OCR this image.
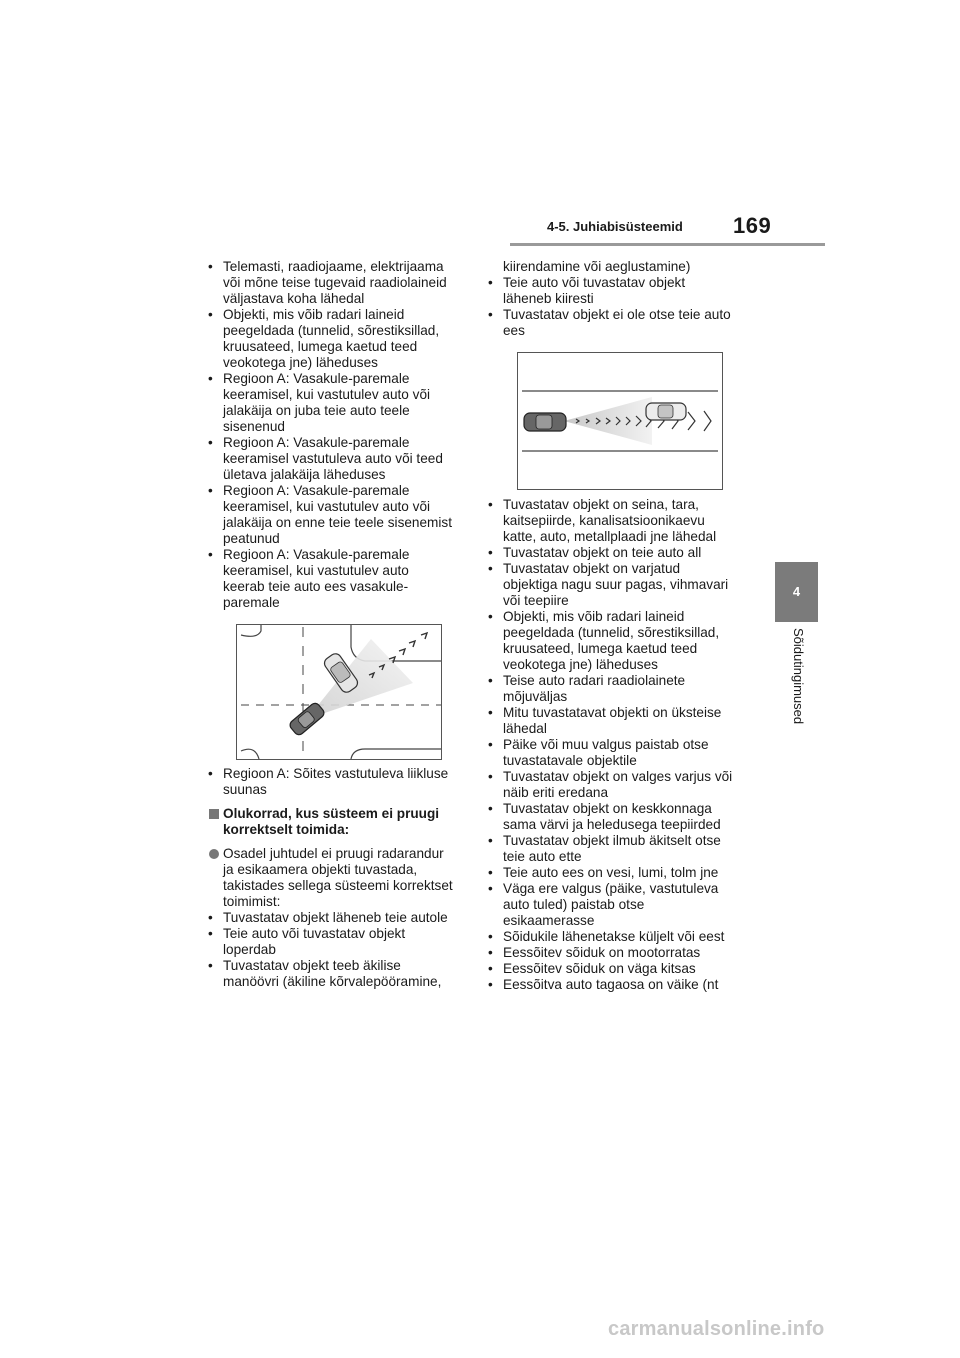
4-5. Juhiabisüsteemid 169
4
Sõidutingimused
• Telemasti, raadiojaame, elektrijaama
või mõne teise tugevaid raadiolaineid
väljastava koha lähedal
• Objekti, mis võib radari laineid
peegeldada (tunnelid, sõrestiksillad,
kruusateed, lumega kaetud teed
veokotega jne) läheduses
• Regioon A: Vasakule-paremale
keeramisel, kui vastutulev auto või
jalakäija on juba teie auto teele
sisenenud
• Regioon A: Vasakule-paremale
keeramisel vastutuleva auto või teed
ületava jalakäija läheduses
• Regioon A: Vasakule-paremale
keeramisel, kui vastutulev auto või
jalakäija on enne teie teele sisenemist
peatunud
• Regioon A: Vasakule-paremale
keeramisel, kui vastutulev auto
keerab teie auto ees vasakule-
paremale
• Regioon A: Sõites vastutuleva liikluse
suunas
Olukorrad, kus süsteem ei pruugi
korrektselt toimida:
Osadel juhtudel ei pruugi radarandur
ja esikaamera objekti tuvastada,
takistades sellega süsteemi korrektset
toimimist:
• Tuvastatav objekt läheneb teie autole
• Teie auto või tuvastatav objekt
loperdab
• Tuvastatav objekt teeb äkilise
manöövri (äkiline kõrvalepööramine,
kiirendamine või aeglustamine)
• Teie auto või tuvastatav objekt
läheneb kiiresti
• Tuvastatav objekt ei ole otse teie auto
ees
• Tuvastatav objekt on seina, tara,
kaitsepiirde, kanalisatsioonikaevu
katte, auto, metallplaadi jne lähedal
• Tuvastatav objekt on teie auto all
• Tuvastatav objekt on varjatud
objektiga nagu suur pagas, vihmavari
või teepiire
• Objekti, mis võib radari laineid
peegeldada (tunnelid, sõrestiksillad,
kruusateed, lumega kaetud teed
veokotega jne) läheduses
• Teise auto radari raadiolainete
mõjuväljas
• Mitu tuvastatavat objekti on üksteise
lähedal
• Päike või muu valgus paistab otse
tuvastatavale objektile
• Tuvastatav objekt on valges varjus või
näib eriti eredana
• Tuvastatav objekt on keskkonnaga
sama värvi ja heledusega teepiirded
• Tuvastatav objekt ilmub äkitselt otse
teie auto ette
• Teie auto ees on vesi, lumi, tolm jne
• Väga ere valgus (päike, vastutuleva
auto tuled) paistab otse
esikaamerasse
• Sõidukile lähenetakse küljelt või eest
• Eessõitev sõiduk on mootorratas
• Eessõitev sõiduk on väga kitsas
• Eessõitva auto tagaosa on väike (nt
carmanualsonline.info
